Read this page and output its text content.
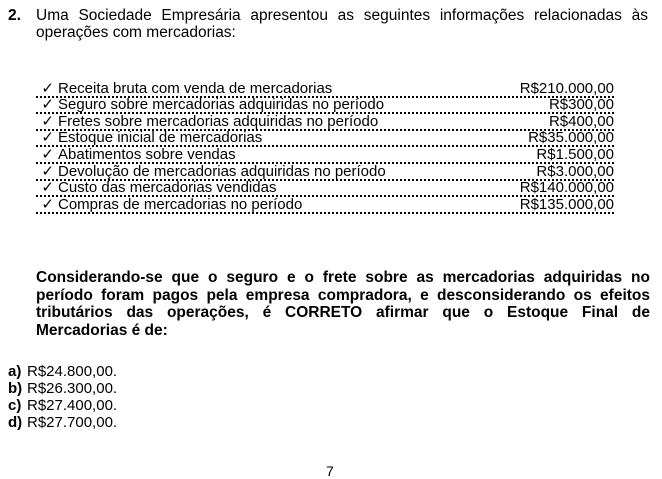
2. Uma Sociedade Empresária apresentou as seguintes informações relacionadas às operações com mercadorias:
✓ Receita bruta com venda de mercadorias	R$210.000,00
✓ Seguro sobre mercadorias adquiridas no período	R$300,00
✓ Fretes sobre mercadorias adquiridas no período	R$400,00
✓ Estoque inicial de mercadorias	R$35.000,00
✓ Abatimentos sobre vendas	R$1.500,00
✓ Devolução de mercadorias adquiridas no período	R$3.000,00
✓ Custo das mercadorias vendidas	R$140.000,00
✓ Compras de mercadorias no período	R$135.000,00
Considerando-se que o seguro e o frete sobre as mercadorias adquiridas no período foram pagos pela empresa compradora, e desconsiderando os efeitos tributários das operações, é CORRETO afirmar que o Estoque Final de Mercadorias é de:
a) R$24.800,00.
b) R$26.300,00.
c) R$27.400,00.
d) R$27.700,00.
7
